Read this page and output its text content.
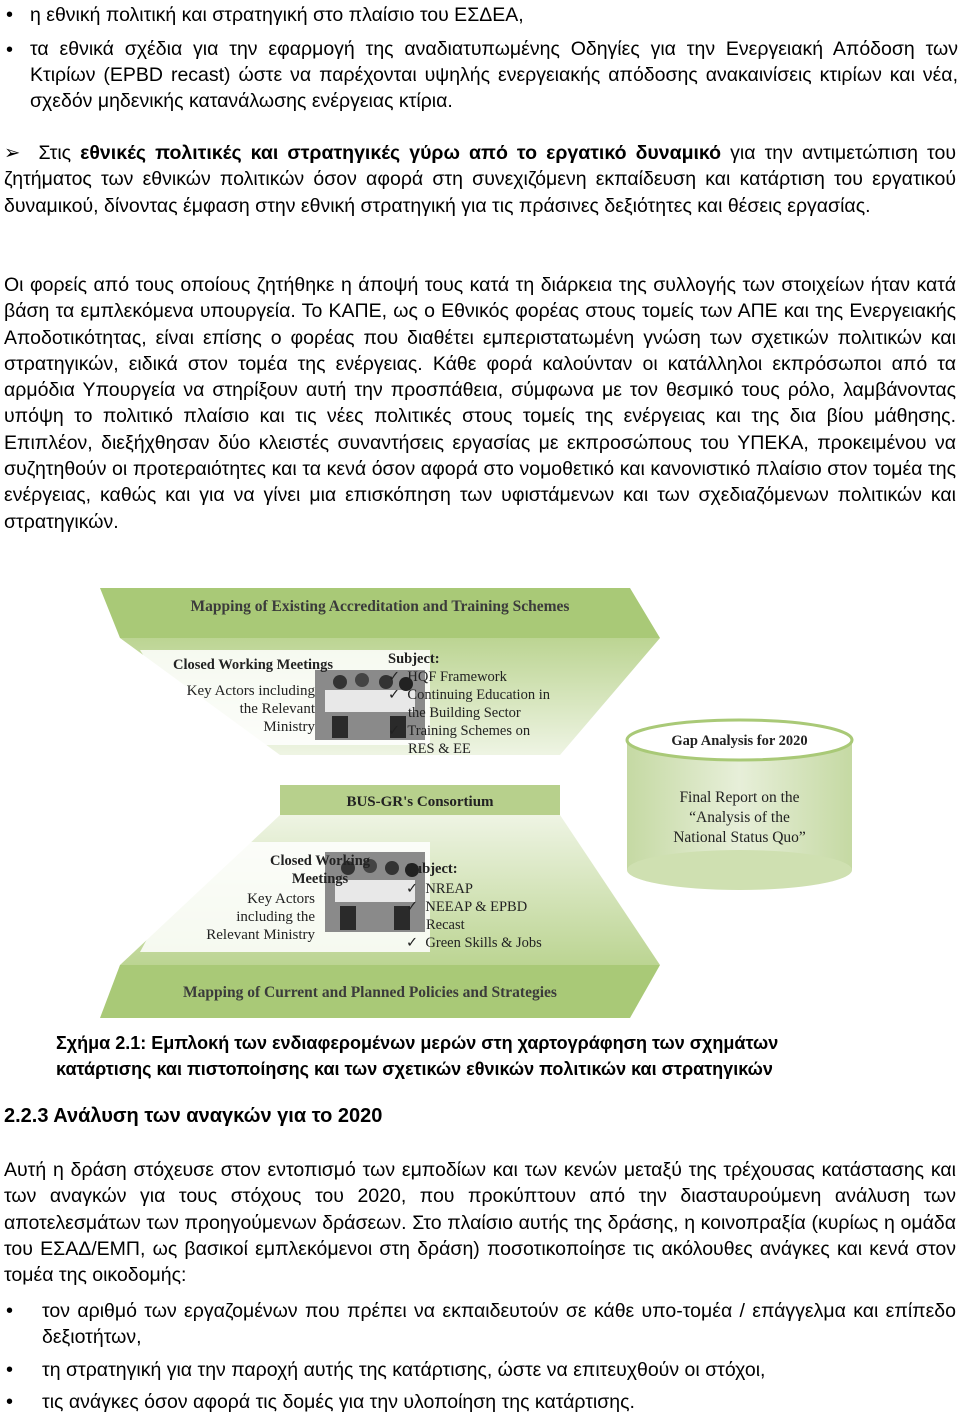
• η εθνική πολιτική και στρατηγική στο πλαίσιο του ΕΣΔΕΑ,

• τα εθνικά σχέδια για την εφαρμογή της αναδιατυπωμένης Οδηγίες για την Ενεργειακή Απόδοση των Κτιρίων (EPBD recast) ώστε να παρέχονται υψηλής ενεργειακής απόδοσης ανακαινίσεις κτιρίων και νέα, σχεδόν μηδενικής κατανάλωσης ενέργειας κτίρια.

➢ Στις εθνικές πολιτικές και στρατηγικές γύρω από το εργατικό δυναμικό για την αντιμετώπιση του ζητήματος των εθνικών πολιτικών όσον αφορά στη συνεχιζόμενη εκπαίδευση και κατάρτιση του εργατικού δυναμικού, δίνοντας έμφαση στην εθνική στρατηγική για τις πράσινες δεξιότητες και θέσεις εργασίας.

Οι φορείς από τους οποίους ζητήθηκε η άποψή τους κατά τη διάρκεια της συλλογής των στοιχείων ήταν κατά βάση τα εμπλεκόμενα υπουργεία. Το ΚΑΠΕ, ως ο Εθνικός φορέας στους τομείς των ΑΠΕ και της Ενεργειακής Αποδοτικότητας, είναι επίσης ο φορέας που διαθέτει εμπεριστατωμένη γνώση των σχετικών πολιτικών και στρατηγικών, ειδικά στον τομέα της ενέργειας. Κάθε φορά καλούνταν οι κατάλληλοι εκπρόσωποι από τα αρμόδια Υπουργεία να στηρίξουν αυτή την προσπάθεια, σύμφωνα με τον θεσμικό τους ρόλο, λαμβάνοντας υπόψη το πολιτικό πλαίσιο και τις νέες πολιτικές στους τομείς της ενέργειας και της δια βίου μάθησης. Επιπλέον, διεξήχθησαν δύο κλειστές συναντήσεις εργασίας με εκπροσώπους του ΥΠΕΚΑ, προκειμένου να συζητηθούν οι προτεραιότητες και τα κενά όσον αφορά στο νομοθετικό και κανονιστικό πλαίσιο στον τομέα της ενέργειας, καθώς και για να γίνει μια επισκόπηση των υφιστάμενων και των σχεδιαζόμενων πολιτικών και στρατηγικών.

Mapping of Existing Accreditation and Training Schemes
Closed Working Meetings
Key Actors including
the Relevant
Ministry
Subject:
✓ HQF Framework
✓ Continuing Education in
the Building Sector
✓ Training Schemes on
RES & EE
BUS-GR's Consortium
Closed Working
Meetings
Key Actors
including the
Relevant Ministry
Subject:
✓ NREAP
✓ NEEAP & EPBD
Recast
✓ Green Skills & Jobs
Mapping of Current and Planned Policies and Strategies
Gap Analysis for 2020
Final Report on the
“Analysis of the
National Status Quo”
Σχήμα 2.1: Εμπλοκή των ενδιαφερομένων μερών στη χαρτογράφηση των σχημάτων
κατάρτισης και πιστοποίησης και των σχετικών εθνικών πολιτικών και στρατηγικών
2.2.3 Ανάλυση των αναγκών για το 2020

Αυτή η δράση στόχευσε στον εντοπισμό των εμποδίων και των κενών μεταξύ της τρέχουσας κατάστασης και των αναγκών για τους στόχους του 2020, που προκύπτουν από την διασταυρούμενη ανάλυση των αποτελεσμάτων των προηγούμενων δράσεων. Στο πλαίσιο αυτής της δράσης, η κοινοπραξία (κυρίως η ομάδα του ΕΣΑΔ/ΕΜΠ, ως βασικοί εμπλεκόμενοι στη δράση) ποσοτικοποίησε τις ακόλουθες ανάγκες και κενά στον τομέα της οικοδομής:

• τον αριθμό των εργαζομένων που πρέπει να εκπαιδευτούν σε κάθε υπο-τομέα / επάγγελμα και επίπεδο δεξιοτήτων,

• τη στρατηγική για την παροχή αυτής της κατάρτισης, ώστε να επιτευχθούν οι στόχοι,

• τις ανάγκες όσον αφορά τις δομές για την υλοποίηση της κατάρτισης.
